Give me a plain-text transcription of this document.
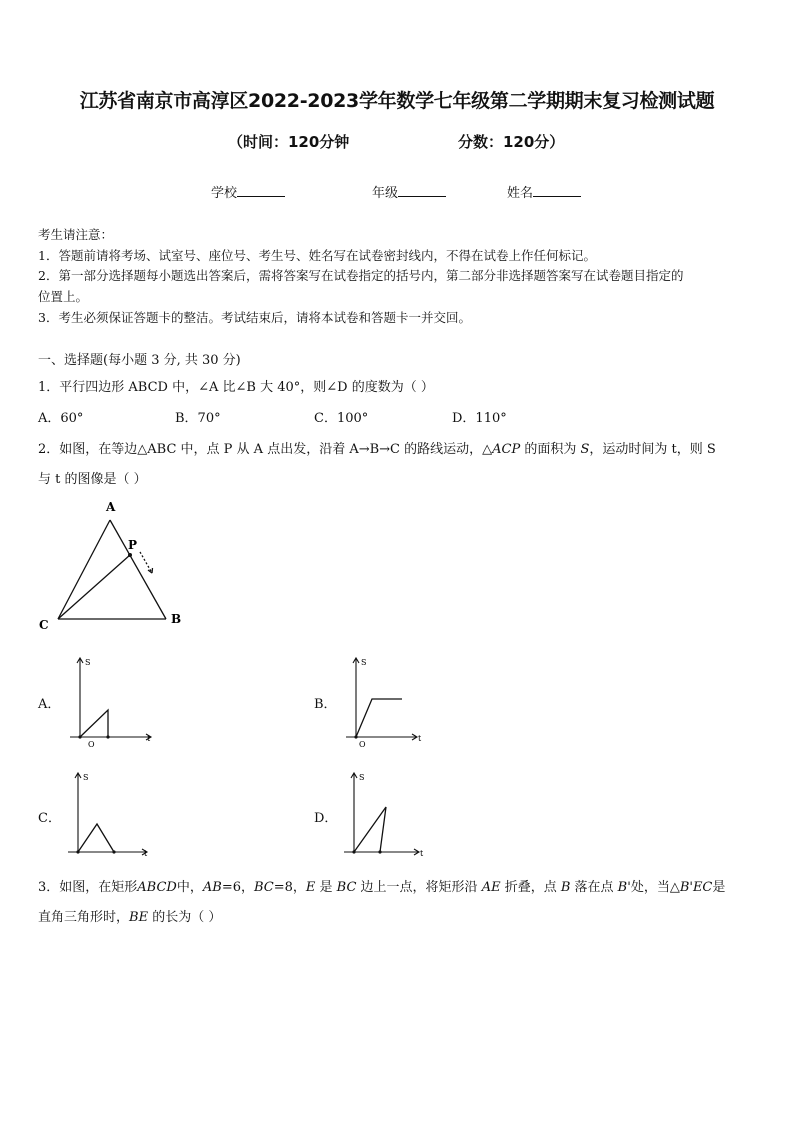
江苏省南京市高淳区2022-2023学年数学七年级第二学期期末复习检测试题
（时间：120分钟	分数：120分）
学校	年级	姓名
考生请注意：
1．答题前请将考场、试室号、座位号、考生号、姓名写在试卷密封线内，不得在试卷上作任何标记。
2．第一部分选择题每小题选出答案后，需将答案写在试卷指定的括号内，第二部分非选择题答案写在试卷题目指定的
位置上。
3．考生必须保证答题卡的整洁。考试结束后，请将本试卷和答题卡一并交回。
一、选择题(每小题 3 分, 共 30 分)
1．平行四边形 ABCD 中，∠A 比∠B 大 40°，则∠D 的度数为（ ）
A．60°	B．70°	C．100°	D．110°
2．如图，在等边△ABC 中，点 P 从 A 点出发，沿着 A→B→C 的路线运动，△ACP 的面积为 S，运动时间为 t，则 S
与 t 的图像是（ ）
A
P
C	B
A．	B．
C．	D．
S
t
O
S
t
O
S
t
S
t
3．如图，在矩形ABCD中，AB=6，BC=8，E 是 BC 边上一点，将矩形沿 AE 折叠，点 B 落在点 B'处，当△B'EC是
直角三角形时，BE 的长为（ ）
